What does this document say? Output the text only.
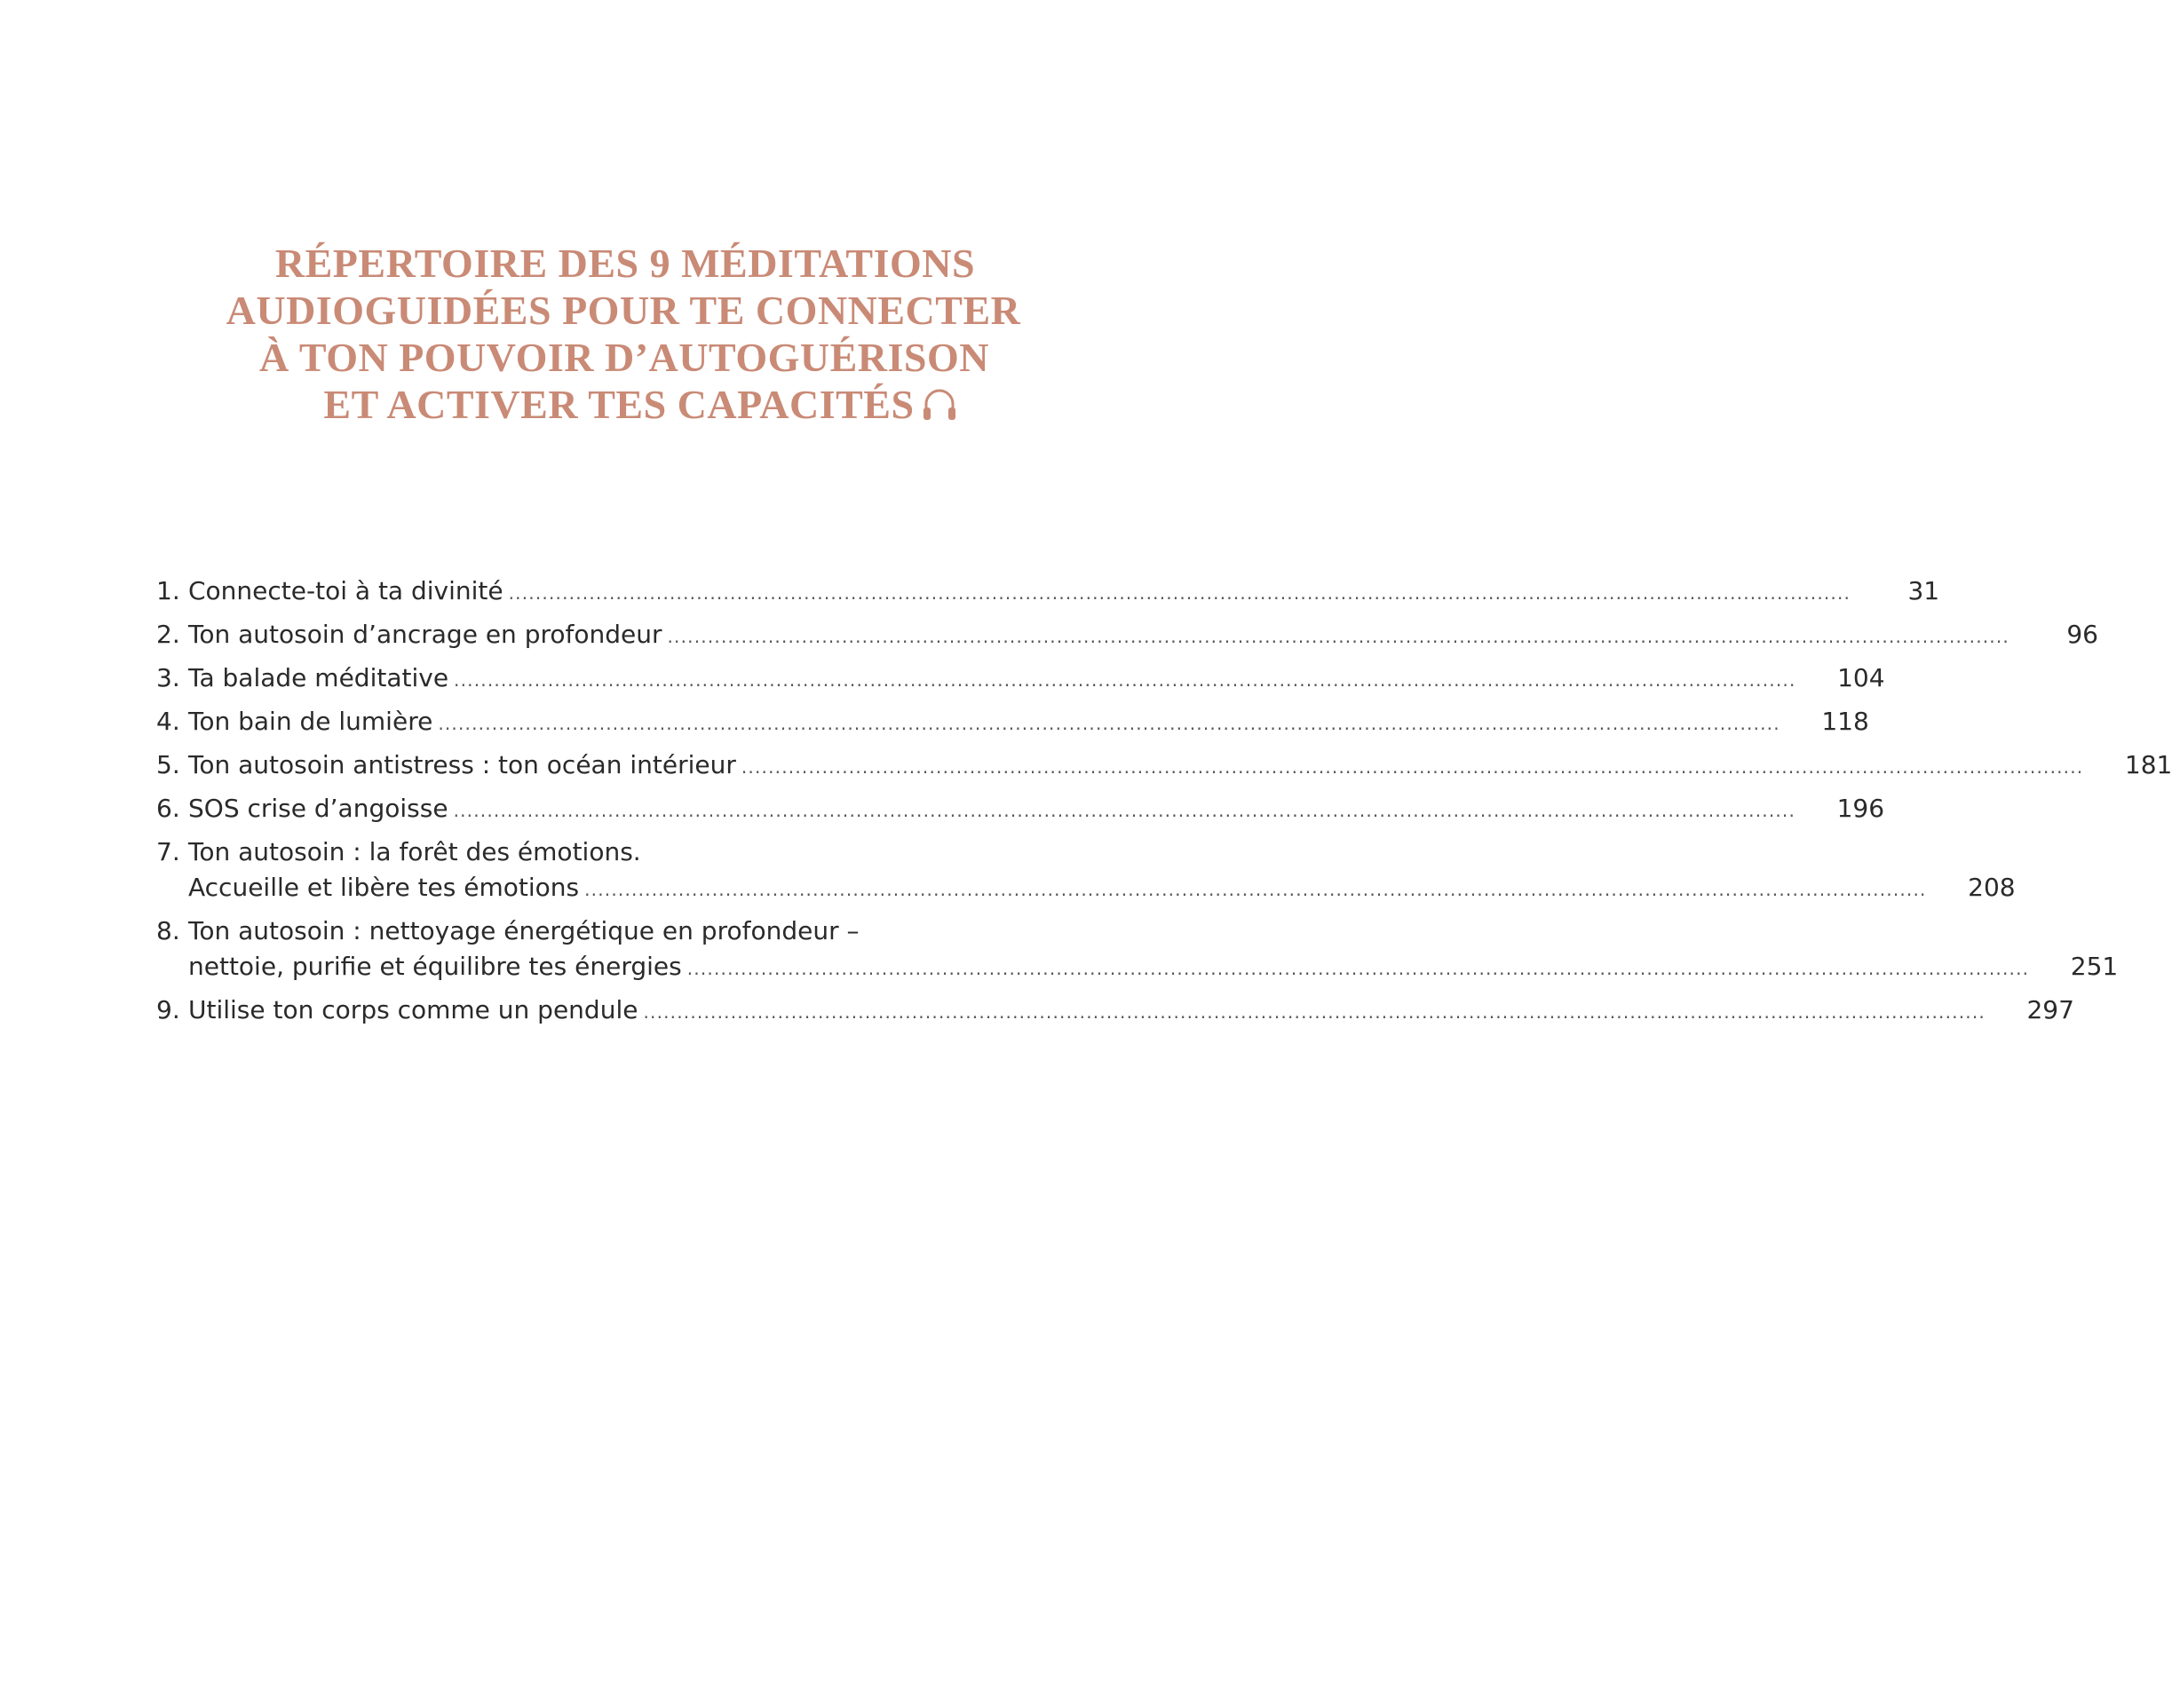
RÉPERTOIRE DES 9 MÉDITATIONS
AUDIOGUIDÉES POUR TE CONNECTER
À TON POUVOIR D’AUTOGUÉRISON
ET ACTIVER TES CAPACITÉS
1. Connecte-toi à ta divinité ........................................................................................................................................................................................................	31
2. Ton autosoin d’ancrage en profondeur ........................................................................................................................................................................................................	96
3. Ta balade méditative ........................................................................................................................................................................................................ 104
4. Ton bain de lumière ........................................................................................................................................................................................................ 118
5. Ton autosoin antistress : ton océan intérieur ........................................................................................................................................................................................................ 181
6. SOS crise d’angoisse ........................................................................................................................................................................................................ 196
7. Ton autosoin : la forêt des émotions.
Accueille et libère tes émotions ........................................................................................................................................................................................................ 208
8. Ton autosoin : nettoyage énergétique en profondeur –
nettoie, purifie et équilibre tes énergies ........................................................................................................................................................................................................ 251
9. Utilise ton corps comme un pendule ........................................................................................................................................................................................................ 297
